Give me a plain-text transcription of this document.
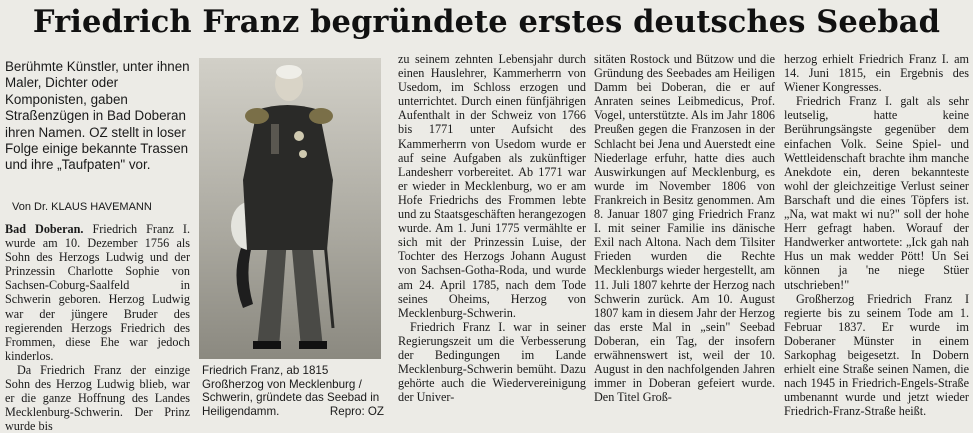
Friedrich Franz begründete erstes deutsches Seebad
Berühmte Künstler, unter ihnen Maler, Dichter oder Komponisten, gaben Straßenzügen in Bad Doberan ihren Namen. OZ stellt in loser Folge einige bekannte Trassen und ihre „Taufpaten" vor.
Von Dr. KLAUS HAVEMANN

Bad Doberan. Friedrich Franz I. wurde am 10. Dezember 1756 als Sohn des Herzogs Ludwig und der Prinzessin Charlotte Sophie von Sachsen-Coburg-Saalfeld in Schwerin geboren. Herzog Ludwig war der jüngere Bruder des regierenden Herzogs Friedrich des Frommen, diese Ehe war jedoch kinderlos.

Da Friedrich Franz der einzige Sohn des Herzog Ludwig blieb, war er die ganze Hoffnung des Landes Mecklenburg-Schwerin. Der Prinz wurde bis

Friedrich Franz, ab 1815 Großherzog von Mecklenburg / Schwerin, gründete das Seebad in Heiligendamm.	Repro: OZ

zu seinem zehnten Lebensjahr durch einen Hauslehrer, Kammerherrn von Usedom, im Schloss erzogen und unterrichtet. Durch einen fünfjährigen Aufenthalt in der Schweiz von 1766 bis 1771 unter Aufsicht des Kammerherrn von Usedom wurde er auf seine Aufgaben als zukünftiger Landesherr vorbereitet. Ab 1771 war er wieder in Mecklenburg, wo er am Hofe Friedrichs des Frommen lebte und zu Staatsgeschäften herangezogen wurde. Am 1. Juni 1775 vermählte er sich mit der Prinzessin Luise, der Tochter des Herzogs Johann August von Sachsen-Gotha-Roda, und wurde am 24. April 1785, nach dem Tode seines Oheims, Herzog von Mecklenburg-Schwerin.

Friedrich Franz I. war in seiner Regierungszeit um die Verbesserung der Bedingungen im Lande Mecklenburg-Schwerin bemüht. Dazu gehörte auch die Wiedervereinigung der Univer-

sitäten Rostock und Bützow und die Gründung des Seebades am Heiligen Damm bei Doberan, die er auf Anraten seines Leibmedicus, Prof. Vogel, unterstützte. Als im Jahr 1806 Preußen gegen die Franzosen in der Schlacht bei Jena und Auerstedt eine Niederlage erfuhr, hatte dies auch Auswirkungen auf Mecklenburg, es wurde im November 1806 von Frankreich in Besitz genommen. Am 8. Januar 1807 ging Friedrich Franz I. mit seiner Familie ins dänische Exil nach Altona. Nach dem Tilsiter Frieden wurden die Rechte Mecklenburgs wieder hergestellt, am 11. Juli 1807 kehrte der Herzog nach Schwerin zurück. Am 10. August 1807 kam in diesem Jahr der Herzog das erste Mal in „sein" Seebad Doberan, ein Tag, der insofern erwähnenswert ist, weil der 10. August in den nachfolgenden Jahren immer in Doberan gefeiert wurde. Den Titel Groß-

herzog erhielt Friedrich Franz I. am 14. Juni 1815, ein Ergebnis des Wiener Kongresses.

Friedrich Franz I. galt als sehr leutselig, hatte keine Berührungsängste gegenüber dem einfachen Volk. Seine Spiel- und Wettleidenschaft brachte ihm manche Anekdote ein, deren bekannteste wohl der gleichzeitige Verlust seiner Barschaft und die eines Töpfers ist. „Na, wat makt wi nu?" soll der hohe Herr gefragt haben. Worauf der Handwerker antwortete: „Ick gah nah Hus un mak wedder Pött! Un Sei können ja 'ne niege Stüer utschrieben!"

Großherzog Friedrich Franz I regierte bis zu seinem Tode am 1. Februar 1837. Er wurde im Doberaner Münster in einem Sarkophag beigesetzt. In Dobern erhielt eine Straße seinen Namen, die nach 1945 in Friedrich-Engels-Straße umbenannt wurde und jetzt wieder Friedrich-Franz-Straße heißt.
